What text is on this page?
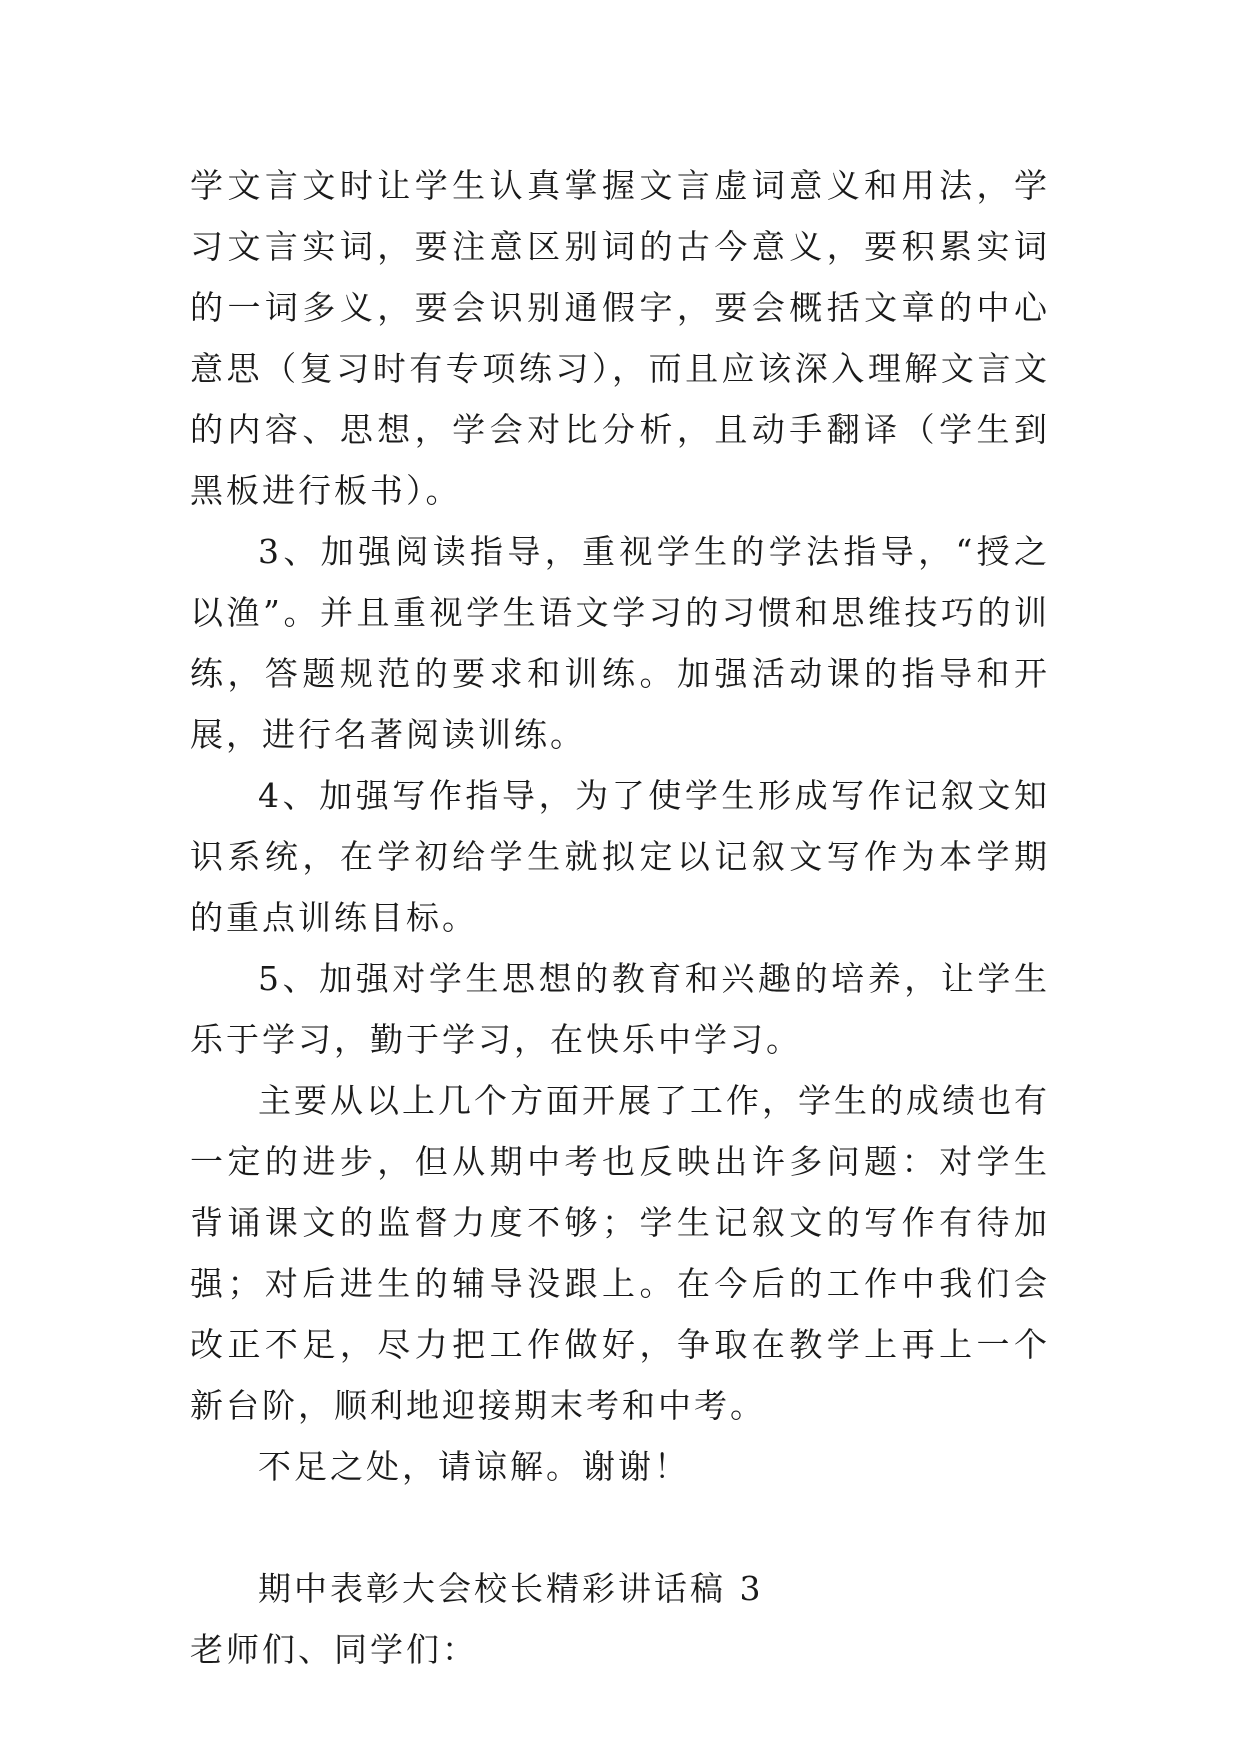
学文言文时让学生认真掌握文言虚词意义和用法，学习文言实词，要注意区别词的古今意义，要积累实词的一词多义，要会识别通假字，要会概括文章的中心意思（复习时有专项练习），而且应该深入理解文言文的内容、思想，学会对比分析，且动手翻译（学生到黑板进行板书）。

3、加强阅读指导，重视学生的学法指导，“授之以渔”。并且重视学生语文学习的习惯和思维技巧的训练，答题规范的要求和训练。加强活动课的指导和开展，进行名著阅读训练。

4、加强写作指导，为了使学生形成写作记叙文知识系统，在学初给学生就拟定以记叙文写作为本学期的重点训练目标。

5、加强对学生思想的教育和兴趣的培养，让学生乐于学习，勤于学习，在快乐中学习。

主要从以上几个方面开展了工作，学生的成绩也有一定的进步，但从期中考也反映出许多问题：对学生背诵课文的监督力度不够；学生记叙文的写作有待加强；对后进生的辅导没跟上。在今后的工作中我们会改正不足，尽力把工作做好，争取在教学上再上一个新台阶，顺利地迎接期末考和中考。

不足之处，请谅解。谢谢！

期中表彰大会校长精彩讲话稿 3

老师们、同学们：
